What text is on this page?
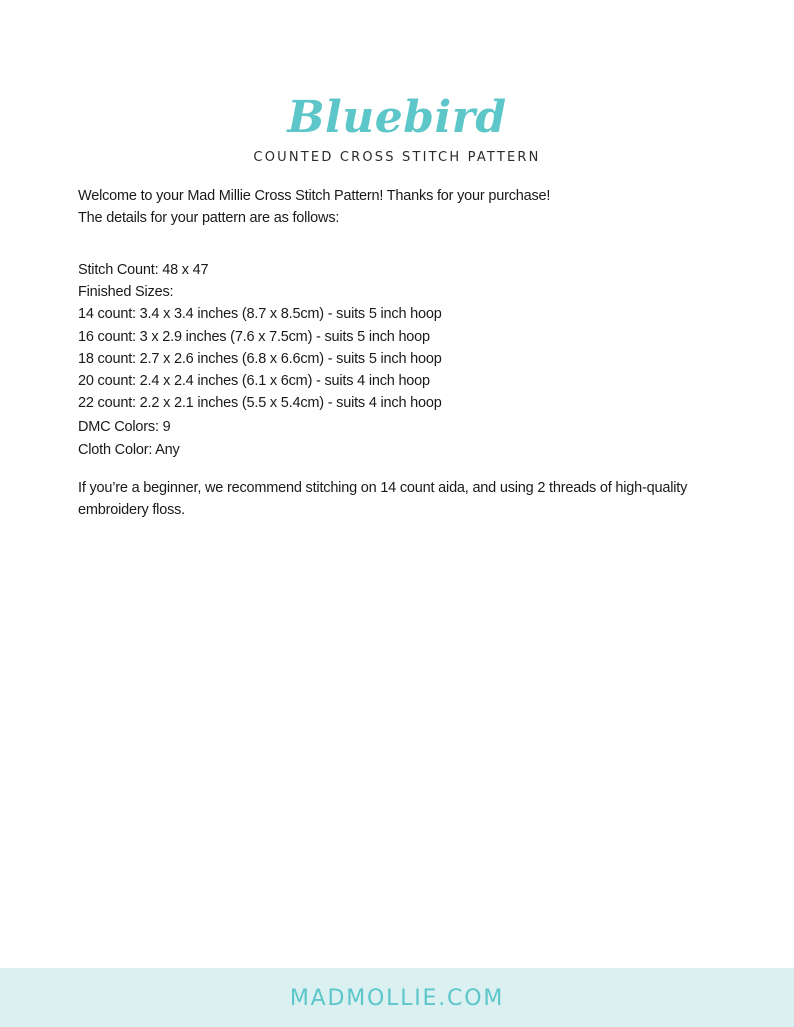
Bluebird
COUNTED CROSS STITCH PATTERN
Welcome to your Mad Millie Cross Stitch Pattern! Thanks for your purchase!
The details for your pattern are as follows:
Stitch Count: 48 x 47
Finished Sizes:
14 count: 3.4 x 3.4 inches (8.7 x 8.5cm) - suits 5 inch hoop
16 count: 3 x 2.9 inches (7.6 x 7.5cm) - suits 5 inch hoop
18 count: 2.7 x 2.6 inches (6.8 x 6.6cm) - suits 5 inch hoop
20 count: 2.4 x 2.4 inches (6.1 x 6cm) - suits 4 inch hoop
22 count: 2.2 x 2.1 inches (5.5 x 5.4cm) - suits 4 inch hoop
DMC Colors: 9
Cloth Color: Any
If you’re a beginner, we recommend stitching on 14 count aida, and using 2 threads of high-quality embroidery floss.
MADMOLLIE.COM
